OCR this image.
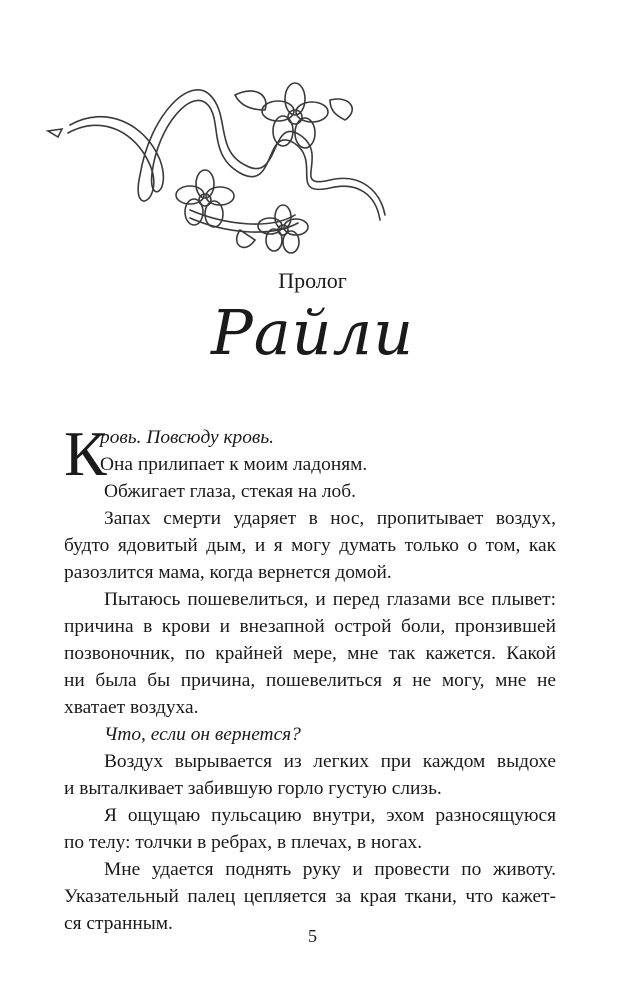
Пролог
Райли
К
ровь. Повсюду кровь.
Она прилипает к моим ладоням.
Обжигает глаза, стекая на лоб.
Запах смерти ударяет в нос, пропитывает воздух,
будто ядовитый дым, и я могу думать только о том, как
разозлится мама, когда вернется домой.
Пытаюсь пошевелиться, и перед глазами все плывет:
причина в крови и внезапной острой боли, пронзившей
позвоночник, по крайней мере, мне так кажется. Какой
ни была бы причина, пошевелиться я не могу, мне не
хватает воздуха.
Что, если он вернется?
Воздух вырывается из легких при каждом выдохе
и выталкивает забившую горло густую слизь.
Я ощущаю пульсацию внутри, эхом разносящуюся
по телу: толчки в ребрах, в плечах, в ногах.
Мне удается поднять руку и провести по животу.
Указательный палец цепляется за края ткани, что кажет-
ся странным.
5
